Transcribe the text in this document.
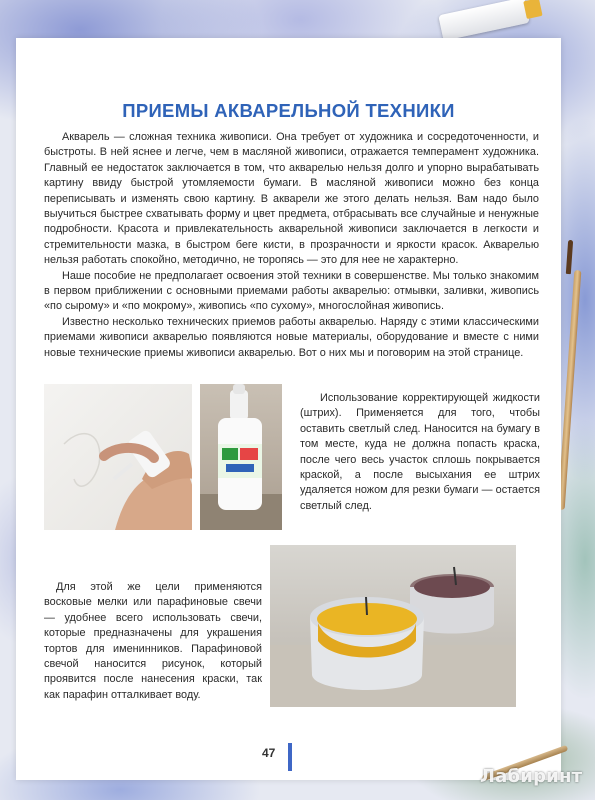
ПРИЕМЫ АКВАРЕЛЬНОЙ ТЕХНИКИ

Акварель — сложная техника живописи. Она требует от художника и сосредоточенности, и быстроты. В ней яснее и легче, чем в масляной живописи, отражается темперамент художника. Главный ее недостаток заключается в том, что акварелью нельзя долго и упорно вырабатывать картину ввиду быстрой утомляемости бумаги. В масляной живописи можно без конца переписывать и изменять свою картину. В акварели же этого делать нельзя. Вам надо было выучиться быстрее схватывать форму и цвет предмета, отбрасывать все случайные и ненужные подробности. Красота и привлекательность акварельной живописи заключается в легкости и стремительности мазка, в быстром беге кисти, в прозрачности и яркости красок. Акварелью нельзя работать спокойно, методично, не торопясь — это для нее не характерно.

Наше пособие не предполагает освоения этой техники в совершенстве. Мы только знакомим в первом приближении с основными приемами работы акварелью: отмывки, заливки, живопись «по сырому» и «по мокрому», живопись «по сухому», многослойная живопись.

Известно несколько технических приемов работы акварелью. Наряду с этими классическими приемами живописи акварелью появляются новые материалы, оборудование и вместе с ними новые технические приемы живописи акварелью. Вот о них мы и поговорим на этой странице.

Использование корректирующей жидкости (штрих). Применяется для того, чтобы оставить светлый след. Наносится на бумагу в том месте, куда не должна попасть краска, после чего весь участок сплошь покрывается краской, а после высыхания ее штрих удаляется ножом для резки бумаги — остается светлый след.
Для этой же цели применяются восковые мелки или парафиновые свечи — удобнее всего использовать свечи, которые предназначены для украшения тортов для именинников. Парафиновой свечой наносится рисунок, который проявится после нанесения краски, так как парафин отталкивает воду.
47
Лабиринт
